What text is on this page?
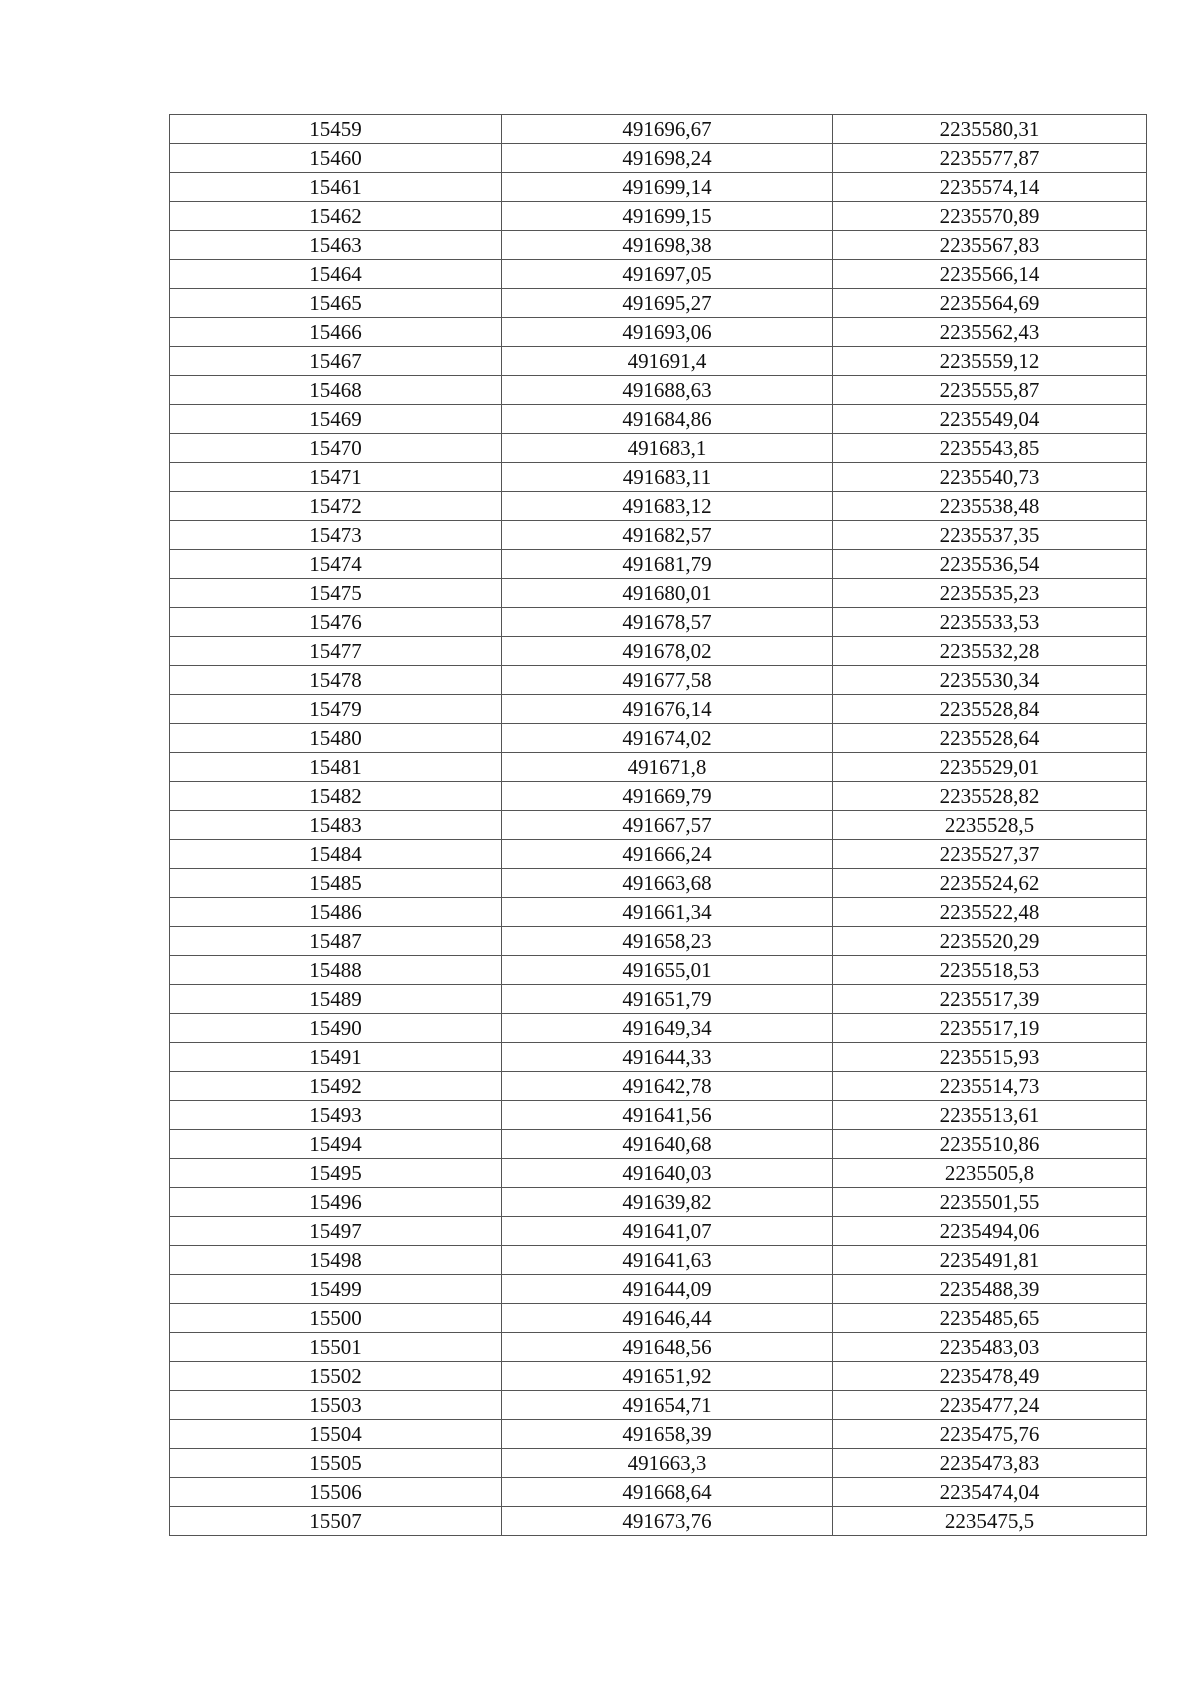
15459	491696,67	2235580,31
15460	491698,24	2235577,87
15461	491699,14	2235574,14
15462	491699,15	2235570,89
15463	491698,38	2235567,83
15464	491697,05	2235566,14
15465	491695,27	2235564,69
15466	491693,06	2235562,43
15467	491691,4	2235559,12
15468	491688,63	2235555,87
15469	491684,86	2235549,04
15470	491683,1	2235543,85
15471	491683,11	2235540,73
15472	491683,12	2235538,48
15473	491682,57	2235537,35
15474	491681,79	2235536,54
15475	491680,01	2235535,23
15476	491678,57	2235533,53
15477	491678,02	2235532,28
15478	491677,58	2235530,34
15479	491676,14	2235528,84
15480	491674,02	2235528,64
15481	491671,8	2235529,01
15482	491669,79	2235528,82
15483	491667,57	2235528,5
15484	491666,24	2235527,37
15485	491663,68	2235524,62
15486	491661,34	2235522,48
15487	491658,23	2235520,29
15488	491655,01	2235518,53
15489	491651,79	2235517,39
15490	491649,34	2235517,19
15491	491644,33	2235515,93
15492	491642,78	2235514,73
15493	491641,56	2235513,61
15494	491640,68	2235510,86
15495	491640,03	2235505,8
15496	491639,82	2235501,55
15497	491641,07	2235494,06
15498	491641,63	2235491,81
15499	491644,09	2235488,39
15500	491646,44	2235485,65
15501	491648,56	2235483,03
15502	491651,92	2235478,49
15503	491654,71	2235477,24
15504	491658,39	2235475,76
15505	491663,3	2235473,83
15506	491668,64	2235474,04
15507	491673,76	2235475,5
